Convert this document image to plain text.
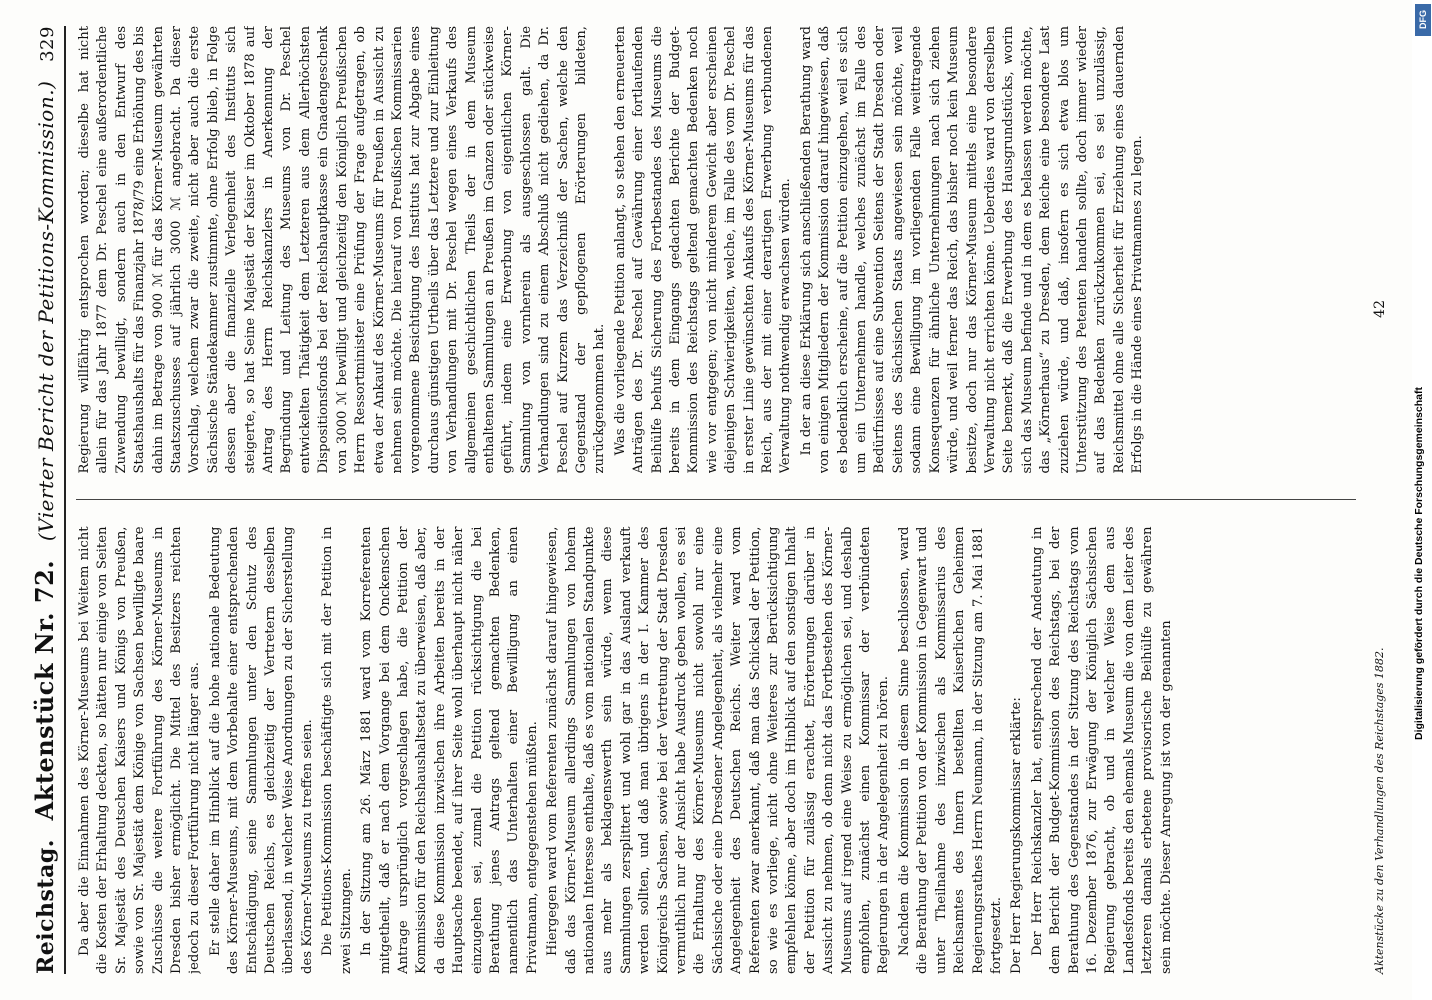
Reichstag.
Aktenstück Nr. 72.
(Vierter Bericht der Petitions-Kommission.)
329

Da aber die Einnahmen des Körner-Museums bei Weitem nicht die Kosten der Erhaltung deckten, so hätten nur einige von Seiten Sr. Majestät des Deutschen Kaisers und Königs von Preußen, sowie von Sr. Majestät dem Könige von Sachsen bewilligte baare Zuschüsse die weitere Fortführung des Körner-Museums in Dresden bisher ermöglicht. Die Mittel des Besitzers reichten jedoch zu dieser Fortführung nicht länger aus. Er stelle daher im Hinblick auf die hohe nationale Bedeutung des Körner-Museums, mit dem Vorbehalte einer entsprechenden Entschädigung, seine Sammlungen unter den Schutz des Deutschen Reichs, es gleichzeitig der Vertretern desselben überlassend, in welcher Weise Anordnungen zu der Sicherstellung des Körner-Museums zu treffen seien. Die Petitions-Kommission beschäftigte sich mit der Petition in zwei Sitzungen. In der Sitzung am 26. März 1881 ward vom Korreferenten mitgetheilt, daß er nach dem Vorgange bei dem Onckenschen Antrage ursprünglich vorgeschlagen habe, die Petition der Kommission für den Reichshaushaltsetat zu überweisen, daß aber, da diese Kommission inzwischen ihre Arbeiten bereits in der Hauptsache beendet, auf ihrer Seite wohl überhaupt nicht näher einzugehen sei, zumal die Petition rücksichtigung die bei Berathung jenes Antrags geltend gemachten Bedenken, namentlich das Unterhalten einer Bewilligung an einen Privatmann, entgegenstehen müßten. Hiergegen ward vom Referenten zunächst darauf hingewiesen, daß das Körner-Museum allerdings Sammlungen von hohem nationalen Interesse enthalte, daß es vom nationalen Standpunkte aus mehr als beklagenswerth sein würde, wenn diese Sammlungen zersplittert und wohl gar in das Ausland verkauft werden sollten, und daß man übrigens in der I. Kammer des Königreichs Sachsen, sowie bei der Vertretung der Stadt Dresden vermuthlich nur der Ansicht habe Ausdruck geben wollen, es sei die Erhaltung des Körner-Museums nicht sowohl nur eine Sächsische oder eine Dresdener Angelegenheit, als vielmehr eine Angelegenheit des Deutschen Reichs. Weiter ward vom Referenten zwar anerkannt, daß man das Schicksal der Petition, so wie es vorliege, nicht ohne Weiteres zur Berücksichtigung empfehlen könne, aber doch im Hinblick auf den sonstigen Inhalt der Petition für zulässig erachtet, Erörterungen darüber in Aussicht zu nehmen, ob denn nicht das Fortbestehen des Körner-Museums auf irgend eine Weise zu ermöglichen sei, und deshalb empfohlen, zunächst einen Kommissar der verbündeten Regierungen in der Angelegenheit zu hören. Nachdem die Kommission in diesem Sinne beschlossen, ward die Berathung der Petition von der Kommission in Gegenwart und unter Theilnahme des inzwischen als Kommissarius des Reichsamtes des Innern bestellten Kaiserlichen Geheimen Regierungsrathes Herrn Neumann, in der Sitzung am 7. Mai 1881 fortgesetzt. Der Herr Regierungskommissar erklärte: Der Herr Reichskanzler hat, entsprechend der Andeutung in dem Bericht der Budget-Kommission des Reichstags, bei der Berathung des Gegenstandes in der Sitzung des Reichstags vom 16. Dezember 1876, zur Erwägung der Königlich Sächsischen Regierung gebracht, ob und in welcher Weise dem aus Landesfonds bereits den ehemals Museum die von dem Leiter des letzteren damals erbetene provisorische Beihülfe zu gewähren sein möchte. Dieser Anregung ist von der genannten

Regierung willfährig entsprochen worden; dieselbe hat nicht allein für das Jahr 1877 dem Dr. Peschel eine außerordentliche Zuwendung bewilligt, sondern auch in den Entwurf des Staatshaushalts für das Finanzjahr 1878/79 eine Erhöhung des bis dahin im Betrage von 900 ℳ für das Körner-Museum gewährten Staatszuschusses auf jährlich 3000 ℳ angebracht. Da dieser Vorschlag, welchem zwar die zweite, nicht aber auch die erste Sächsische Ständekammer zustimmte, ohne Erfolg blieb, in Folge dessen aber die finanzielle Verlegenheit des Instituts sich steigerte, so hat Seine Majestät der Kaiser im Oktober 1878 auf Antrag des Herrn Reichskanzlers in Anerkennung der Begründung und Leitung des Museums von Dr. Peschel entwickelten Thätigkeit dem Letzteren aus dem Allerhöchsten Dispositionsfonds bei der Reichshauptkasse ein Gnadengeschenk von 3000 ℳ bewilligt und gleichzeitig den Königlich Preußischen Herrn Ressortminister eine Prüfung der Frage aufgetragen, ob etwa der Ankauf des Körner-Museums für Preußen in Aussicht zu nehmen sein möchte. Die hierauf von Preußischen Kommissarien vorgenommene Besichtigung des Instituts hat zur Abgabe eines durchaus günstigen Urtheils über das Letztere und zur Einleitung von Verhandlungen mit Dr. Peschel wegen eines Verkaufs des allgemeinen geschichtlichen Theils der in dem Museum enthaltenen Sammlungen an Preußen im Ganzen oder stückweise geführt, indem eine Erwerbung von eigentlichen Körner-Sammlung von vornherein als ausgeschlossen galt. Die Verhandlungen sind zu einem Abschluß nicht gediehen, da Dr. Peschel auf Kurzem das Verzeichniß der Sachen, welche den Gegenstand der gepflogenen Erörterungen bildeten, zurückgenommen hat. Was die vorliegende Petition anlangt, so stehen den erneuerten Anträgen des Dr. Peschel auf Gewährung einer fortlaufenden Beihülfe behufs Sicherung des Fortbestandes des Museums die bereits in dem Eingangs gedachten Berichte der Budget-Kommission des Reichstags geltend gemachten Bedenken noch wie vor entgegen; von nicht minderem Gewicht aber erscheinen diejenigen Schwierigkeiten, welche, im Falle des vom Dr. Peschel in erster Linie gewünschten Ankaufs des Körner-Museums für das Reich, aus der mit einer derartigen Erwerbung verbundenen Verwaltung nothwendig erwachsen würden. In der an diese Erklärung sich anschließenden Berathung ward von einigen Mitgliedern der Kommission darauf hingewiesen, daß es bedenklich erscheine, auf die Petition einzugehen, weil es sich um ein Unternehmen handle, welches zunächst im Falle des Bedürfnisses auf eine Subvention Seitens der Stadt Dresden oder Seitens des Sächsischen Staats angewiesen sein möchte, weil sodann eine Bewilligung im vorliegenden Falle weittragende Konsequenzen für ähnliche Unternehmungen nach sich ziehen würde, und weil ferner das Reich, das bisher noch kein Museum besitze, doch nur das Körner-Museum mittels eine besondere Verwaltung nicht errichten könne. Ueberdies ward von derselben Seite bemerkt, daß die Erwerbung des Hausgrundstücks, worin sich das Museum befinde und in dem es belassen werden möchte, das „Körnerhaus“ zu Dresden, dem Reiche eine besondere Last zuziehen würde, und daß, insofern es sich etwa blos um Unterstützung des Petenten handeln sollte, doch immer wieder auf das Bedenken zurückzukommen sei, es sei unzulässig, Reichsmittel ohne alle Sicherheit für Erziehung eines dauernden Erfolgs in die Hände eines Privatmannes zu legen.

Aktenstücke zu den Verhandlungen des Reichstages 1882.
42
DFG
Digitalisierung gefördert durch die Deutsche Forschungsgemeinschaft
